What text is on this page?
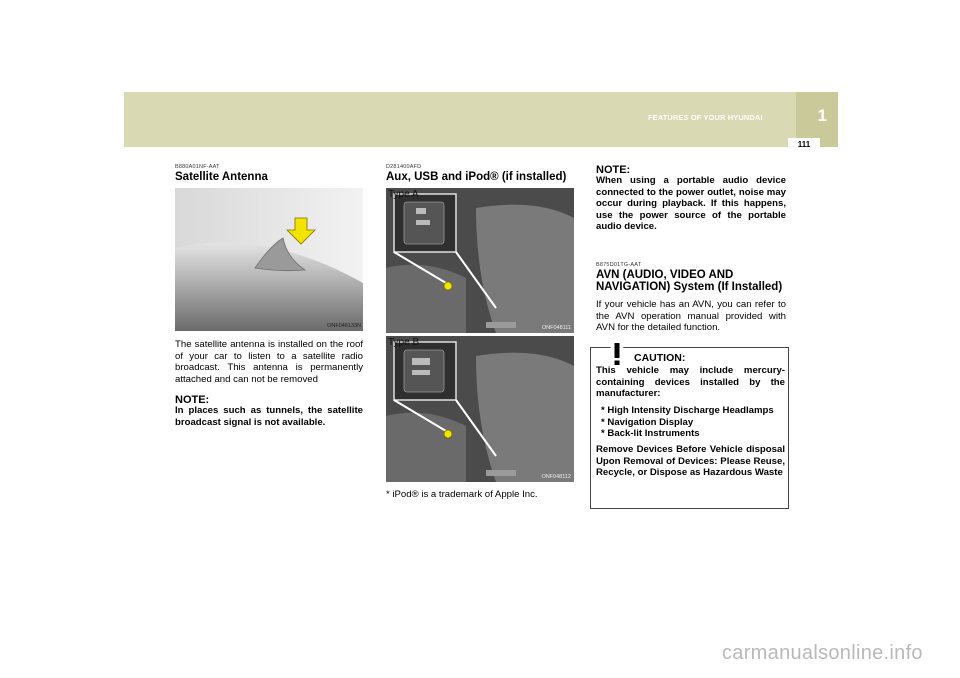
FEATURES OF YOUR HYUNDAI	1
111
B880A01NF-AAT
Satellite Antenna
ONF048133N
The satellite antenna is installed on the roof of your car to listen to a satellite radio broadcast. This antenna is permanently attached and can not be removed
NOTE:
In places such as tunnels, the satellite broadcast signal is not available.
D281400AFD
Aux, USB and iPod® (if installed)
ONF048111
Type A
ONF048112
Type B
* iPod® is a trademark of Apple Inc.
NOTE:
When using a portable audio device connected to the power outlet, noise may occur during playback. If this happens, use the power source of the portable audio device.
B875D01TG-AAT
AVN (AUDIO, VIDEO AND NAVIGATION) System (If Installed)
If your vehicle has an AVN, you can refer to the AVN operation manual provided with AVN for the detailed function.
CAUTION:
This vehicle may include mercury-containing devices installed by the manufacturer:
* High Intensity Discharge Headlamps
* Navigation Display
* Back-lit Instruments
Remove Devices Before Vehicle disposal Upon Removal of Devices: Please Reuse, Recycle, or Dispose as Hazardous Waste
carmanualsonline.info
